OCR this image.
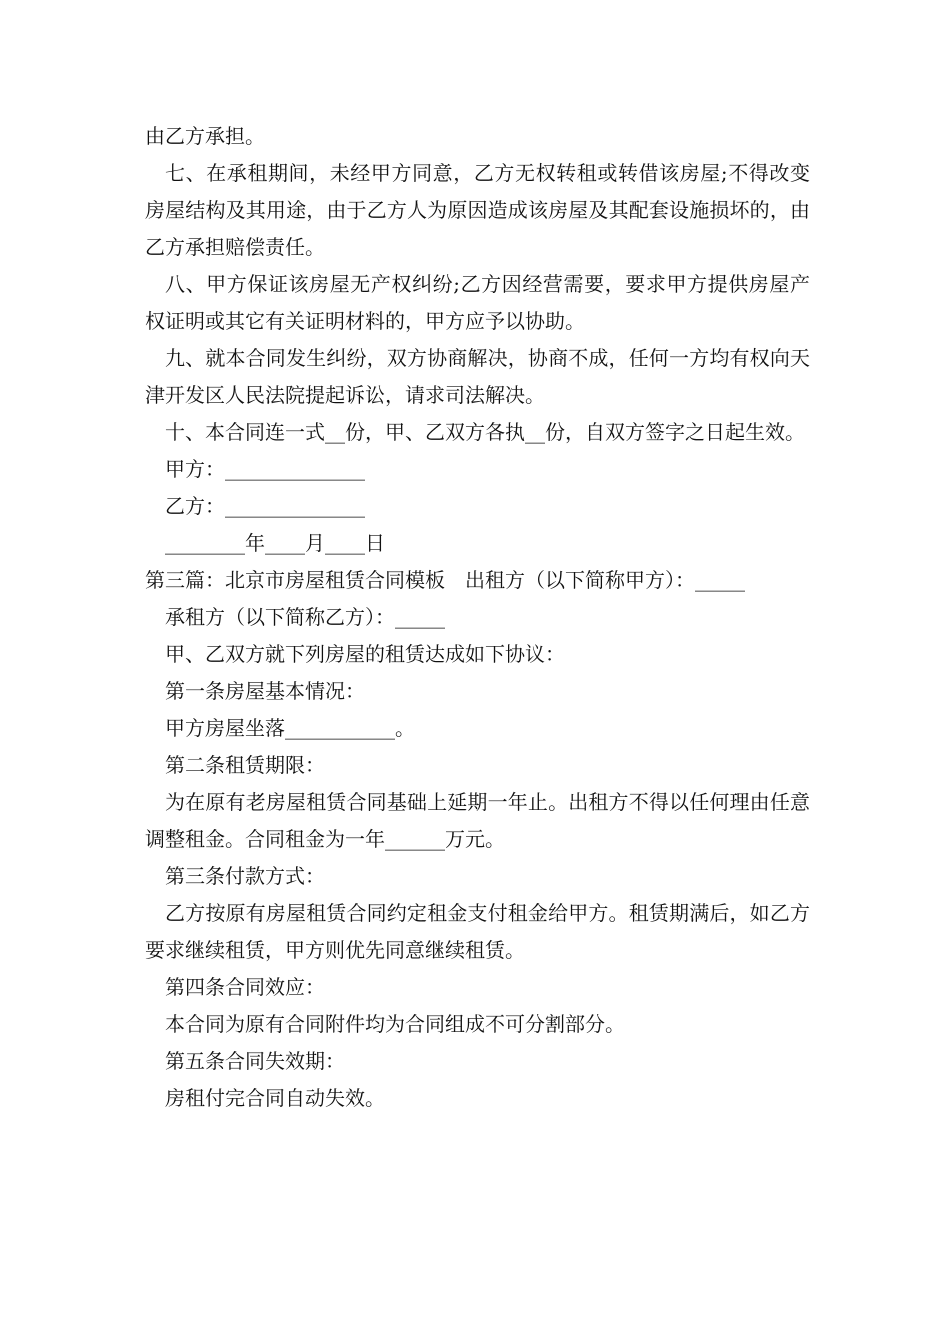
由乙方承担。

七、在承租期间，未经甲方同意，乙方无权转租或转借该房屋;不得改变房屋结构及其用途，由于乙方人为原因造成该房屋及其配套设施损坏的，由乙方承担赔偿责任。

八、甲方保证该房屋无产权纠纷;乙方因经营需要，要求甲方提供房屋产权证明或其它有关证明材料的，甲方应予以协助。

九、就本合同发生纠纷，双方协商解决，协商不成，任何一方均有权向天津开发区人民法院提起诉讼，请求司法解决。

十、本合同连一式__份，甲、乙双方各执__份，自双方签字之日起生效。

甲方：______________

乙方：______________

________年____月____日

第三篇：北京市房屋租赁合同模板　出租方（以下简称甲方）：_____

承租方（以下简称乙方）：_____

甲、乙双方就下列房屋的租赁达成如下协议：

第一条房屋基本情况：

甲方房屋坐落___________。

第二条租赁期限：

为在原有老房屋租赁合同基础上延期一年止。出租方不得以任何理由任意调整租金。合同租金为一年______万元。

第三条付款方式：

乙方按原有房屋租赁合同约定租金支付租金给甲方。租赁期满后，如乙方要求继续租赁，甲方则优先同意继续租赁。

第四条合同效应：

本合同为原有合同附件均为合同组成不可分割部分。

第五条合同失效期：

房租付完合同自动失效。
